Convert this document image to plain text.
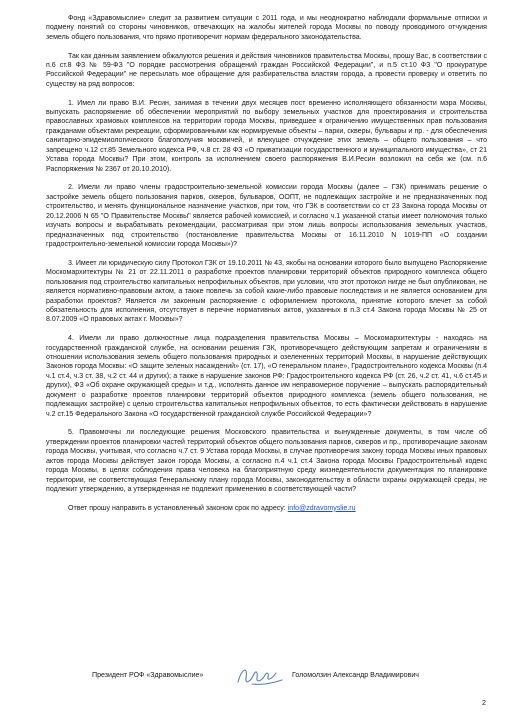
Фонд «Здравомыслие» следит за развитием ситуации с 2011 года, и мы неоднократно наблюдали формальные отписки и подмену понятий со стороны чиновников, отвечающих на жалобы жителей города Москвы по поводу проводимого отчуждения земель общего пользования, что прямо противоречит нормам федерального законодательства.

Так как данным заявлением обжалуются решения и действия чиновников правительства Москвы, прошу Вас, в соответствии с п.6 ст.8 ФЗ № 59-ФЗ "О порядке рассмотрения обращений граждан Российской Федерации", и п.5 ст.10 ФЗ "О прокуратуре Российской Федерации" не пересылать мое обращение для разбирательства властям города, а провести проверку и ответить по существу на ряд вопросов:

1. Имел ли право В.И. Ресин, занимая в течении двух месяцев пост временно исполняющего обязанности мэра Москвы, выпускать распоряжение об обеспечении мероприятий по выбору земельных участков для проектирования и строительства православных храмовых комплексов на территории города Москвы, приведшее к ограничению имущественных прав пользования гражданами объектами рекреации, сформированными как нормируемые объекты – парки, скверы, бульвары и пр. - для обеспечения санитарно-эпидемиологического благополучия москвичей, и влекущее отчуждение этих земель – общего пользования – что запрещено ч.12 ст.85 Земельного кодекса РФ, ч.8 ст. 28 ФЗ «О приватизации государственного и муниципального имущества», ст 21 Устава города Москвы? При этом, контроль за исполнением своего распоряжения В.И.Ресин возложил на себя же (см. п.6 Распоряжения № 2367 от 20.10.2010).

2. Имели ли право члены градостроительно-земельной комиссии города Москвы (далее – ГЗК) принимать решение о застройке земель общего пользования парков, скверов, бульваров, ООПТ, не подлежащих застройке и не предназначенных под строительство, и менять функциональное назначение участков, при том, что ГЗК в соответствии со ст 23 Закона города Москвы от 20.12.2006 N 65 "О Правительстве Москвы" является рабочей комиссией, и согласно ч.1 указанной статьи имеет полномочия только изучать вопросы и вырабатывать рекомендации, рассматривая при этом лишь вопросы использования земельных участков, предназначенных под строительство (постановление правительства Москвы от 16.11.2010 N 1019-ПП «О создании градостроительно-земельной комиссии города Москвы»)?

3. Имеет ли юридическую силу Протокол ГЗК от 19.10.2011 № 43, якобы на основании которого было выпущено Распоряжение Москомархитектуры № 21 от 22.11.2011 о разработке проектов планировки территорий объектов природного комплекса общего пользования под строительство капитальных непрофильных объектов, при условии, что этот протокол нигде не был опубликован, не является нормативно-правовым актом, а также повлечь за собой какие-либо правовые последствия и не является основанием для разработки проектов? Является ли законным распоряжение с оформлением протокола, принятие которого влечет за собой обязательность для исполнения, отсутствует в перечне нормативных актов, указанных в п.3 ст.4 Закона города Москвы № 25 от 8.07.2009 «О правовых актах г. Москвы»?

4. Имели ли право должностные лица подразделения правительства Москвы – Москомархитектуры - находясь на государственной гражданской службе, на основании решения ГЗК, противоречащего действующим запретам и ограничениям в отношении использования земель общего пользования природных и озелененных территорий Москвы, в нарушение действующих Законов города Москвы: «О защите зеленых насаждений» (ст. 17), «О генеральном плане», Градостроительного кодекса Москвы (п.4 ч.1 ст.4, ч.3 ст. 38, ч.2 ст. 44 и других); а также в нарушение законов РФ: Градостроительного кодекса РФ (ст. 26, ч.2 ст. 41, ч.6 ст.45 и других), ФЗ «Об охране окружающей среды» и т.д., исполнять данное им неправомерное поручение – выпускать распорядительный документ о разработке проектов планировки территорий объектов природного комплекса (земель общего пользования, не подлежащих застройке) с целью строительства капитальных непрофильных объектов, то есть фактически действовать в нарушение ч.2 ст.15 Федерального Закона «О государственной гражданской службе Российской Федерации»?

5. Правомочны ли последующие решения Московского правительства и вынужденные документы, в том числе об утверждении проектов планировки частей территорий объектов общего пользования парков, скверов и пр., противоречащие законам города Москвы, учитывая, что согласно ч.7 ст. 9 Устава города Москвы, в случае противоречия закону города Москвы иных правовых актов города Москвы действует закон города Москвы, а согласно п.4 ч.1 ст.4 Закона города Москвы Градостроительный кодекс города Москвы, в целях соблюдения права человека на благоприятную среду жизнедеятельности документация по планировке территории, не соответствующая Генеральному плану города Москвы, законодательству в области охраны окружающей среды, не подлежит утверждению, а утвержденная не подлежит применению в соответствующей части?

Ответ прошу направить в установленный законом срок по адресу: info@zdravomyslie.ru

Президент РОФ «Здравомыслие»	Голомолзин Александр Владимирович
2
